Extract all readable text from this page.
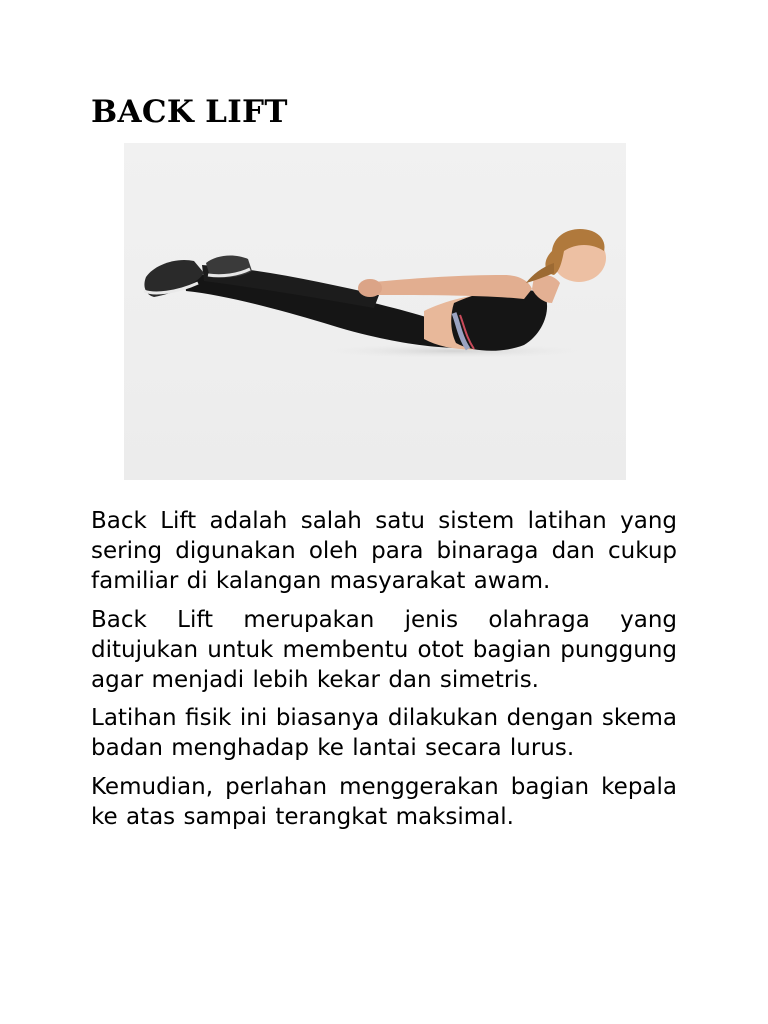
BACK LIFT

Back Lift adalah salah satu sistem latihan yang sering digunakan oleh para binaraga dan cukup familiar di kalangan masyarakat awam.

Back Lift merupakan jenis olahraga yang ditujukan untuk membentu otot bagian punggung agar menjadi lebih kekar dan simetris.

Latihan fisik ini biasanya dilakukan dengan skema badan menghadap ke lantai secara lurus.

Kemudian, perlahan menggerakan bagian kepala ke atas sampai terangkat maksimal.
